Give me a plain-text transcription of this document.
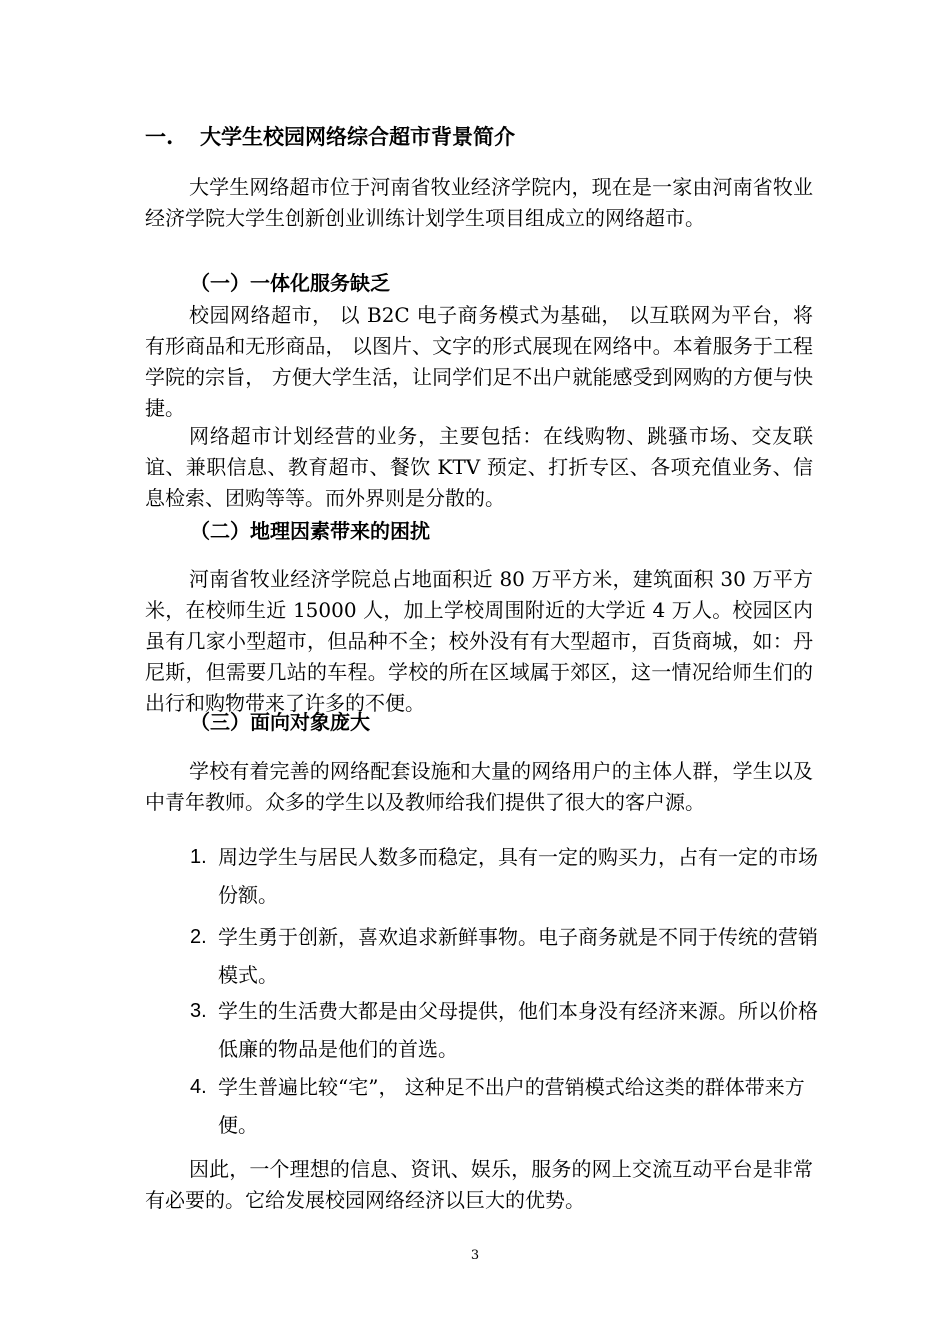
一. 大学生校园网络综合超市背景简介
大学生网络超市位于河南省牧业经济学院内，现在是一家由河南省牧业经济学院大学生创新创业训练计划学生项目组成立的网络超市。
（一）一体化服务缺乏
校园网络超市， 以 B2C 电子商务模式为基础， 以互联网为平台，将有形商品和无形商品， 以图片、文字的形式展现在网络中。本着服务于工程学院的宗旨， 方便大学生活，让同学们足不出户就能感受到网购的方便与快捷。
网络超市计划经营的业务，主要包括：在线购物、跳骚市场、交友联谊、兼职信息、教育超市、餐饮 KTV 预定、打折专区、各项充值业务、信息检索、团购等等。而外界则是分散的。
（二）地理因素带来的困扰
河南省牧业经济学院总占地面积近 80 万平方米，建筑面积 30 万平方米，在校师生近 15000 人，加上学校周围附近的大学近 4 万人。校园区内虽有几家小型超市，但品种不全；校外没有有大型超市，百货商城，如：丹尼斯，但需要几站的车程。学校的所在区域属于郊区，这一情况给师生们的出行和购物带来了许多的不便。
（三）面向对象庞大
学校有着完善的网络配套设施和大量的网络用户的主体人群，学生以及中青年教师。众多的学生以及教师给我们提供了很大的客户源。
1. 周边学生与居民人数多而稳定，具有一定的购买力，占有一定的市场份额。
2. 学生勇于创新，喜欢追求新鲜事物。电子商务就是不同于传统的营销模式。
3. 学生的生活费大都是由父母提供，他们本身没有经济来源。所以价格低廉的物品是他们的首选。
4. 学生普遍比较“宅”， 这种足不出户的营销模式给这类的群体带来方便。
因此，一个理想的信息、资讯、娱乐，服务的网上交流互动平台是非常有必要的。它给发展校园网络经济以巨大的优势。
3
